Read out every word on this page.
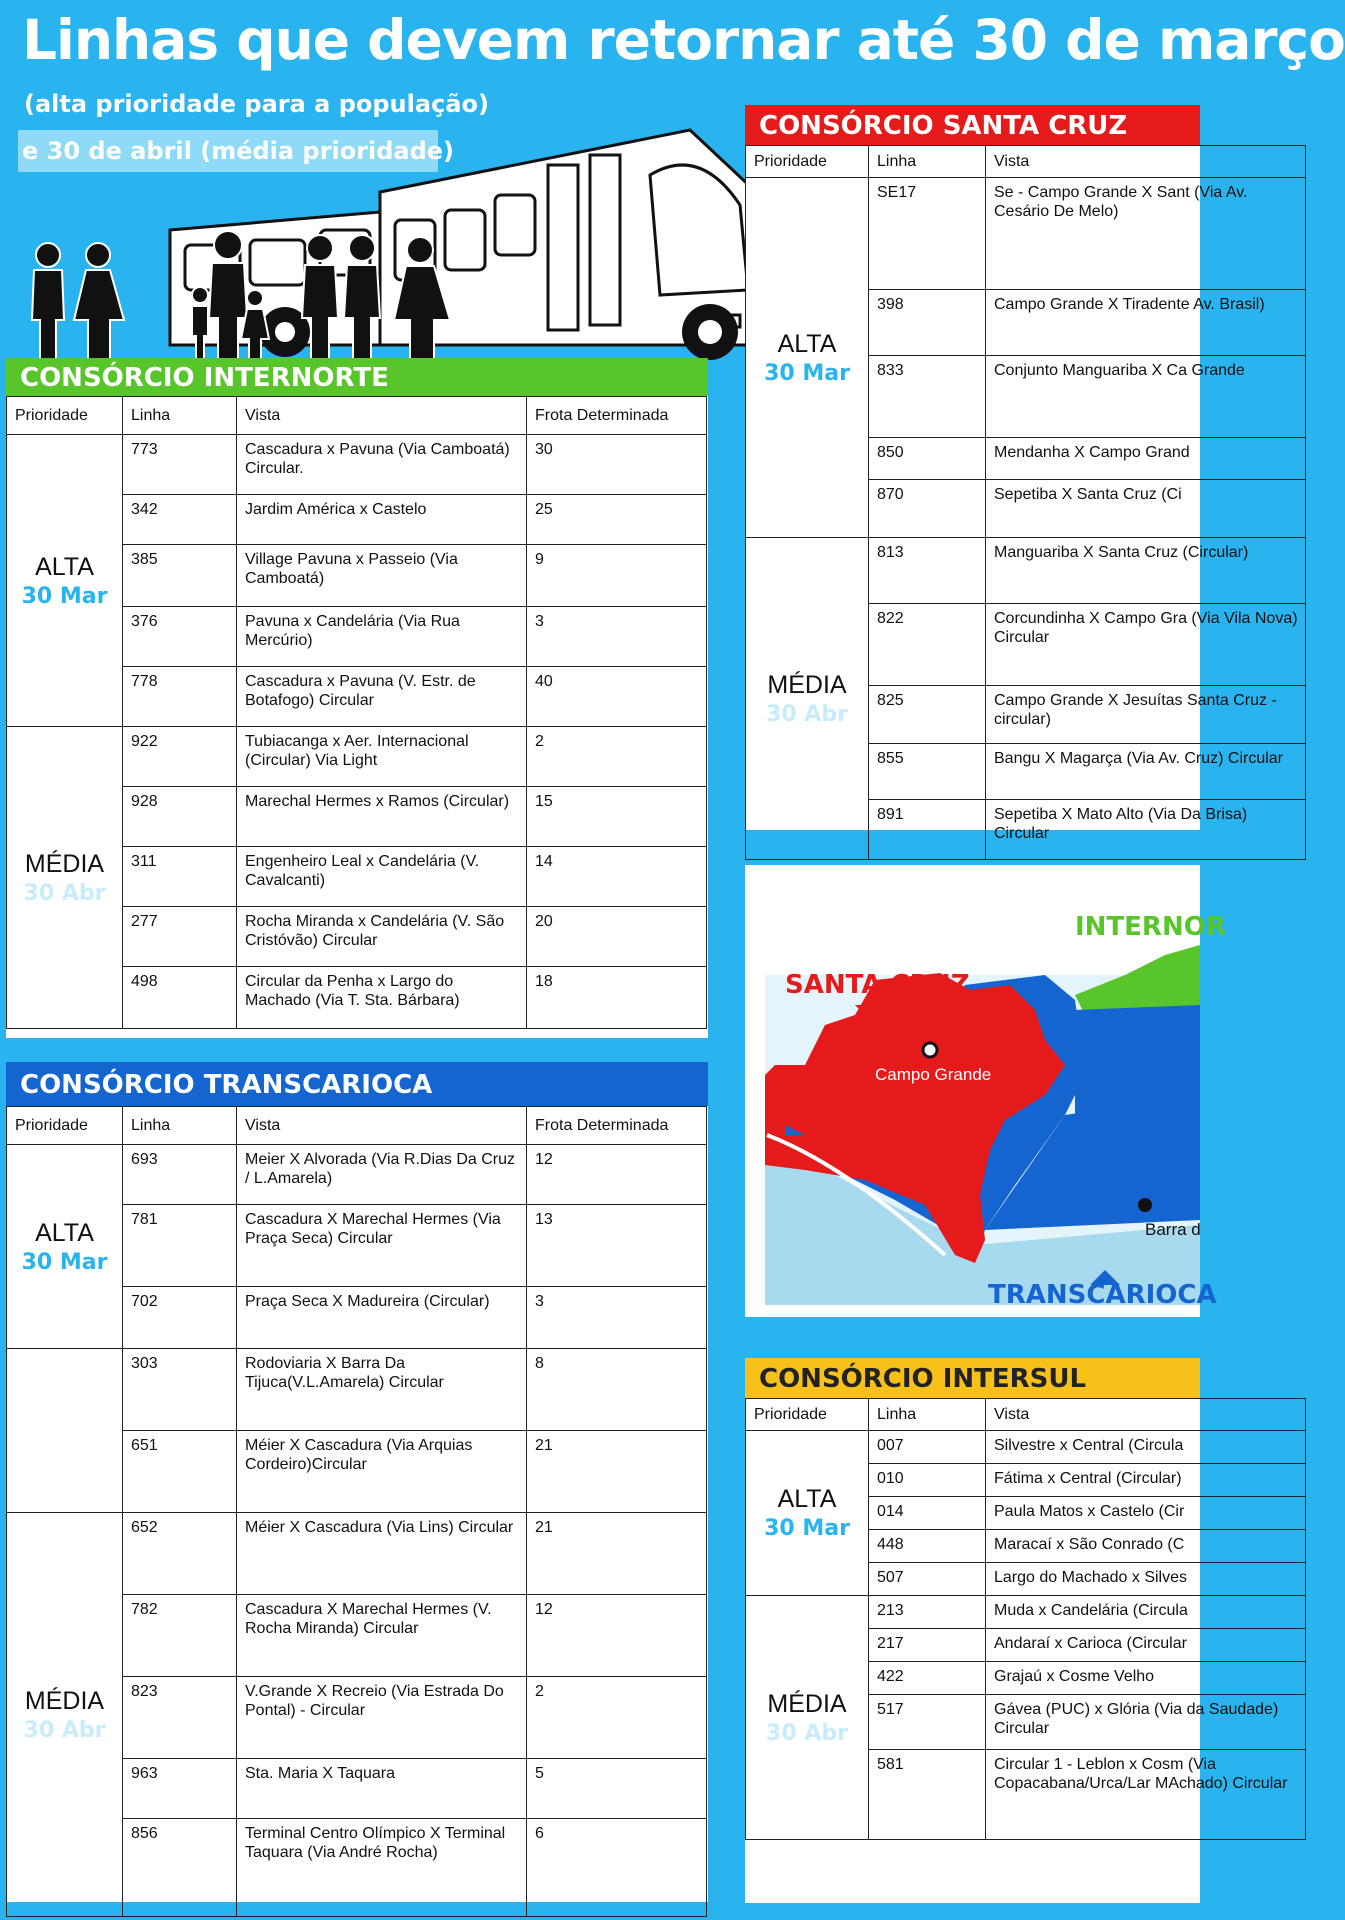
Linhas que devem retornar até 30 de março
(alta prioridade para a população)
e 30 de abril (média prioridade)
CONSÓRCIO INTERNORTE
Prioridade	Linha	Vista	Frota Determinada

ALTA
30 Mar	773	Cascadura x Pavuna (Via Camboatá) Circular.	30
	342	Jardim América x Castelo	25
	385	Village Pavuna x Passeio (Via Camboatá)	9
	376	Pavuna x Candelária (Via Rua Mercúrio)	3
	778	Cascadura x Pavuna (V. Estr. de Botafogo) Circular	40

MÉDIA
30 Abr	922	Tubiacanga x Aer. Internacional (Circular) Via Light	2
	928	Marechal Hermes x Ramos (Circular)	15
	311	Engenheiro Leal x Candelária (V. Cavalcanti)	14
	277	Rocha Miranda x Candelária (V. São Cristóvão) Circular	20
	498	Circular da Penha x Largo do Machado (Via T. Sta. Bárbara)	18
CONSÓRCIO TRANSCARIOCA
Prioridade	Linha	Vista	Frota Determinada

ALTA
30 Mar	693	Meier X Alvorada (Via R.Dias Da Cruz / L.Amarela)	12
	781	Cascadura X Marechal Hermes (Via Praça Seca) Circular	13
	702	Praça Seca X Madureira (Circular)	3
	303	Rodoviaria X Barra Da Tijuca(V.L.Amarela) Circular	8
	651	Méier X Cascadura (Via Arquias Cordeiro)Circular	21

MÉDIA
30 Abr	652	Méier X Cascadura (Via Lins) Circular	21
	782	Cascadura X Marechal Hermes (V. Rocha Miranda) Circular	12
	823	V.Grande X Recreio (Via Estrada Do Pontal) - Circular	2
	963	Sta. Maria X Taquara	5
	856	Terminal Centro Olímpico X Terminal Taquara (Via André Rocha)	6
CONSÓRCIO SANTA CRUZ
Prioridade	Linha	Vista

ALTA
30 Mar	SE17	Se - Campo Grande X Sant (Via Av. Cesário De Melo)
	398	Campo Grande X Tiradente Av. Brasil)
	833	Conjunto Manguariba X Ca Grande
	850	Mendanha X Campo Grand
	870	Sepetiba X Santa Cruz (Ci

MÉDIA
30 Abr	813	Manguariba X Santa Cruz (Circular)
	822	Corcundinha X Campo Gra (Via Vila Nova) Circular
	825	Campo Grande X Jesuítas Santa Cruz -circular)
	855	Bangu X Magarça (Via Av. Cruz) Circular
	891	Sepetiba X Mato Alto (Via Da Brisa) Circular
SANTA CRUZ
INTERNOR
TRANSCARIOCA
Campo Grande
Barra d
CONSÓRCIO INTERSUL
Prioridade	Linha	Vista

ALTA
30 Mar	007	Silvestre x Central (Circula
	010	Fátima x Central (Circular)
	014	Paula Matos x Castelo (Cir
	448	Maracaí x São Conrado (C
	507	Largo do Machado x Silves

MÉDIA
30 Abr	213	Muda x Candelária (Circula
	217	Andaraí x Carioca (Circular
	422	Grajaú x Cosme Velho
	517	Gávea (PUC) x Glória (Via da Saudade) Circular
	581	Circular 1 - Leblon x Cosm (Via Copacabana/Urca/Lar MAchado) Circular
